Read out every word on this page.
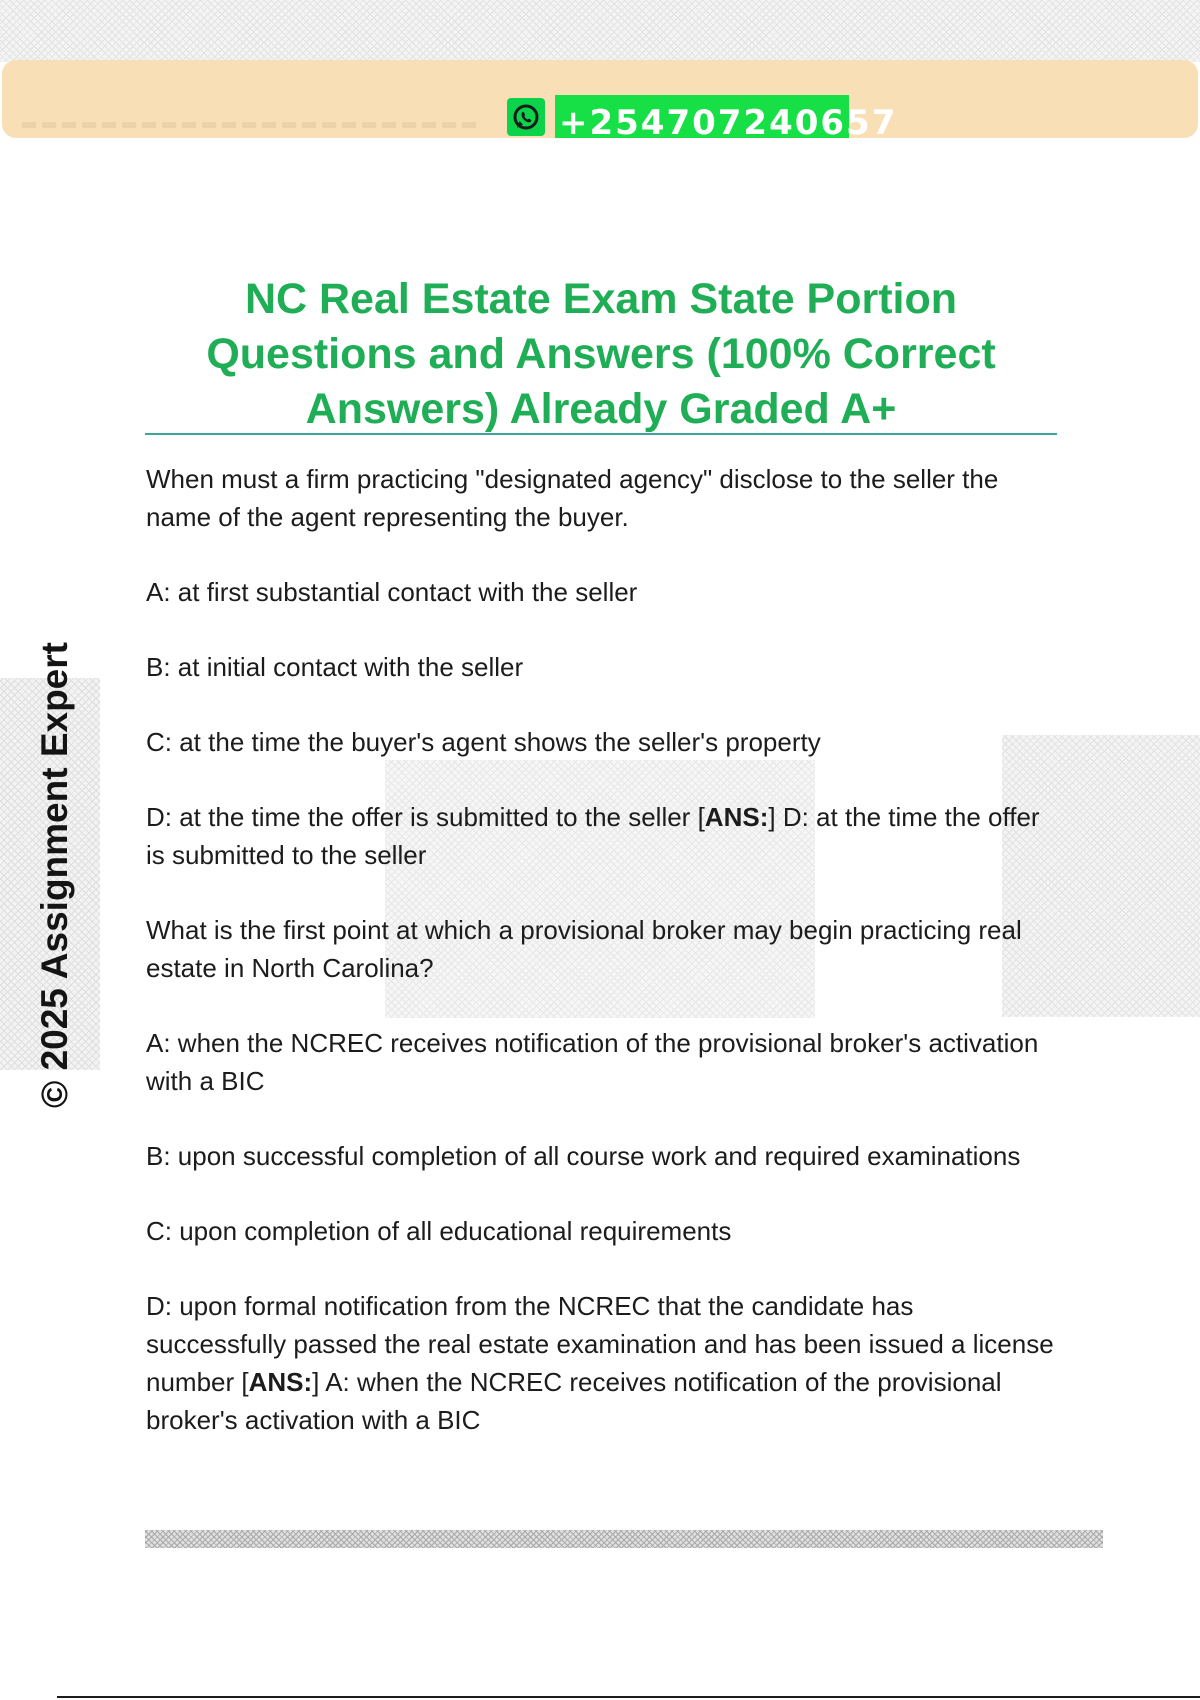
+254707240657
© 2025 Assignment Expert
NC Real Estate Exam State Portion Questions and Answers (100% Correct Answers) Already Graded A+

When must a firm practicing "designated agency" disclose to the seller the name of the agent representing the buyer.

A: at first substantial contact with the seller

B: at initial contact with the seller

C: at the time the buyer's agent shows the seller's property

D: at the time the offer is submitted to the seller [ANS:] D: at the time the offer is submitted to the seller

What is the first point at which a provisional broker may begin practicing real estate in North Carolina?

A: when the NCREC receives notification of the provisional broker's activation with a BIC

B: upon successful completion of all course work and required examinations

C: upon completion of all educational requirements

D: upon formal notification from the NCREC that the candidate has successfully passed the real estate examination and has been issued a license number [ANS:] A: when the NCREC receives notification of the provisional broker's activation with a BIC
